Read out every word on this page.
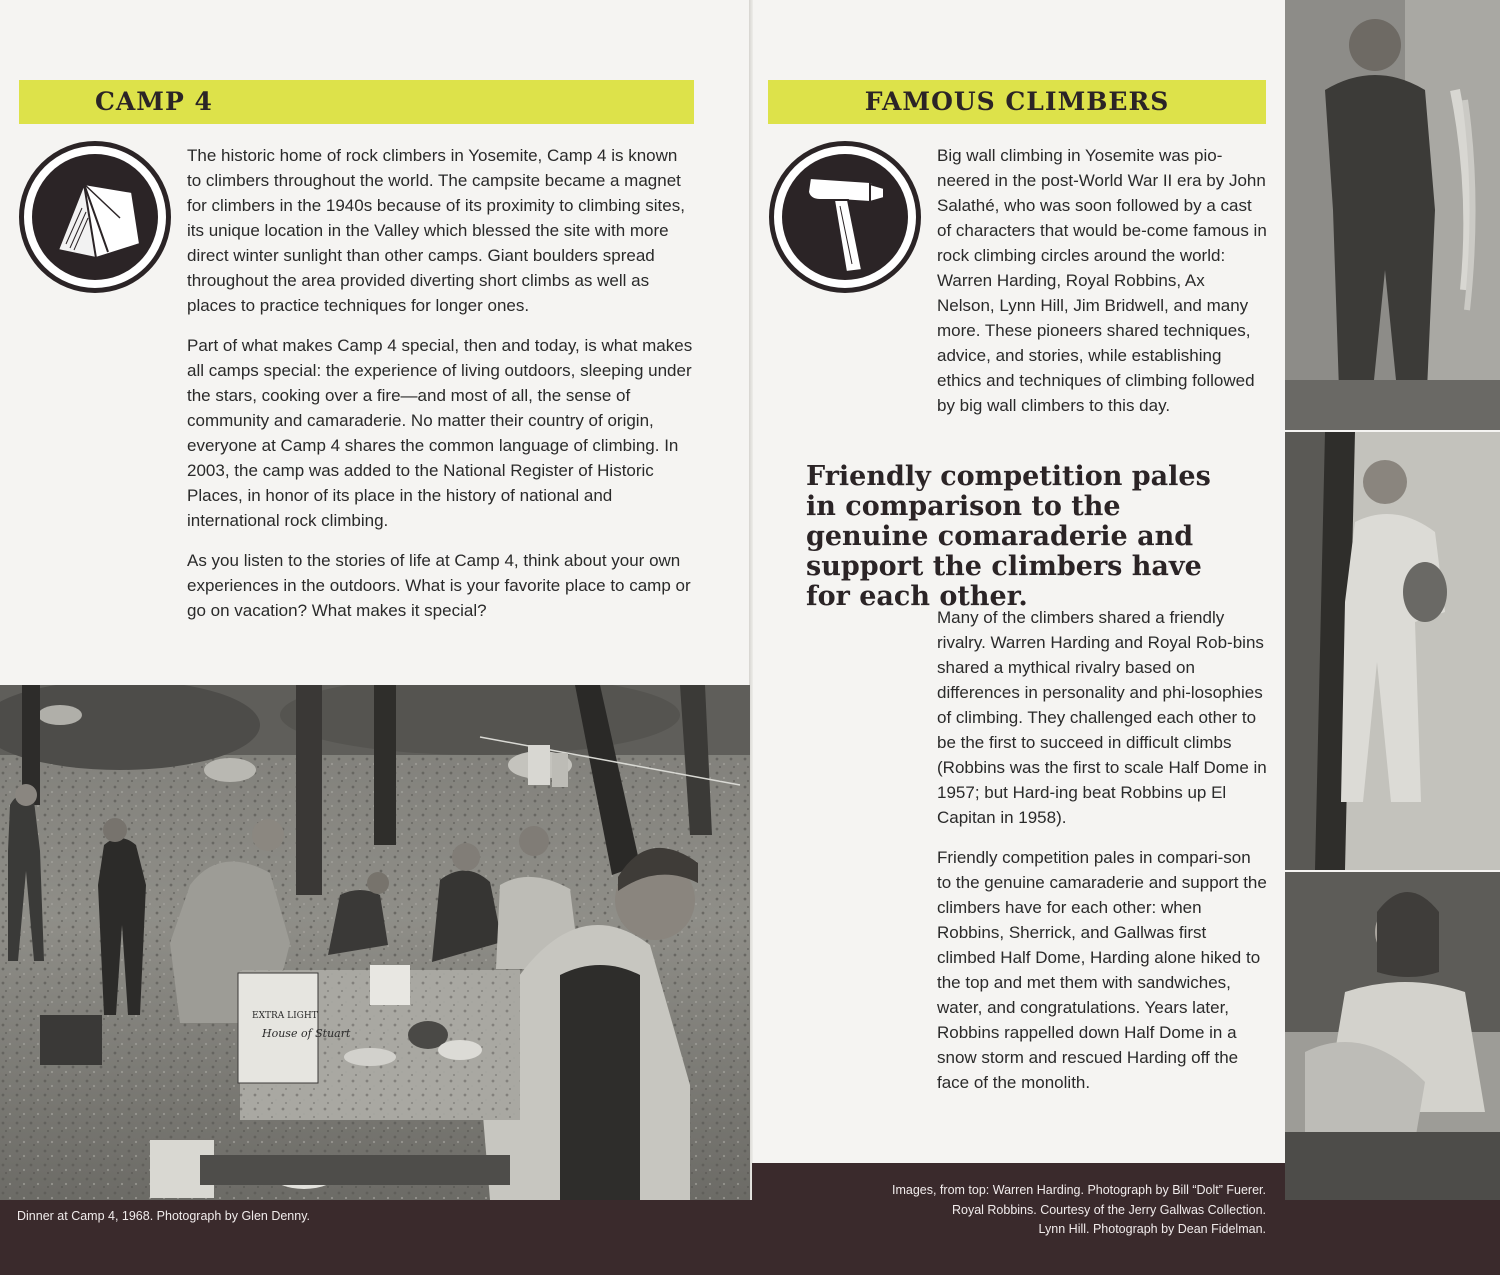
CAMP 4

The historic home of rock climbers in Yosemite, Camp 4 is known to climbers throughout the world. The campsite became a magnet for climbers in the 1940s because of its proximity to climbing sites, its unique location in the Valley which blessed the site with more direct winter sunlight than other camps. Giant boulders spread throughout the area provided diverting short climbs as well as places to practice techniques for longer ones.

Part of what makes Camp 4 special, then and today, is what makes all camps special: the experience of living outdoors, sleeping under the stars, cooking over a fire—and most of all, the sense of community and camaraderie. No matter their country of origin, everyone at Camp 4 shares the common language of climbing. In 2003, the camp was added to the National Register of Historic Places, in honor of its place in the history of national and international rock climbing.

As you listen to the stories of life at Camp 4, think about your own experiences in the outdoors. What is your favorite place to camp or go on vacation? What makes it special?

EXTRA LIGHT
House of Stuart

Dinner at Camp 4, 1968. Photograph by Glen Denny.

FAMOUS CLIMBERS

Big wall climbing in Yosemite was pio-neered in the post-World War II era by John Salathé, who was soon followed by a cast of characters that would be-come famous in rock climbing circles around the world: Warren Harding, Royal Robbins, Ax Nelson, Lynn Hill, Jim Bridwell, and many more. These pioneers shared techniques, advice, and stories, while establishing ethics and techniques of climbing followed by big wall climbers to this day.

Friendly competition pales in comparison to the genuine comaraderie and support the climbers have for each other.

Many of the climbers shared a friendly rivalry. Warren Harding and Royal Rob-bins shared a mythical rivalry based on differences in personality and phi-losophies of climbing. They challenged each other to be the first to succeed in difficult climbs (Robbins was the first to scale Half Dome in 1957; but Hard-ing beat Robbins up El Capitan in 1958).

Friendly competition pales in compari-son to the genuine camaraderie and support the climbers have for each other: when Robbins, Sherrick, and Gallwas first climbed Half Dome, Harding alone hiked to the top and met them with sandwiches, water, and congratulations. Years later, Robbins rappelled down Half Dome in a snow storm and rescued Harding off the face of the monolith.

Images, from top: Warren Harding. Photograph by Bill “Dolt” Fuerer.
Royal Robbins. Courtesy of the Jerry Gallwas Collection.
Lynn Hill. Photograph by Dean Fidelman.
